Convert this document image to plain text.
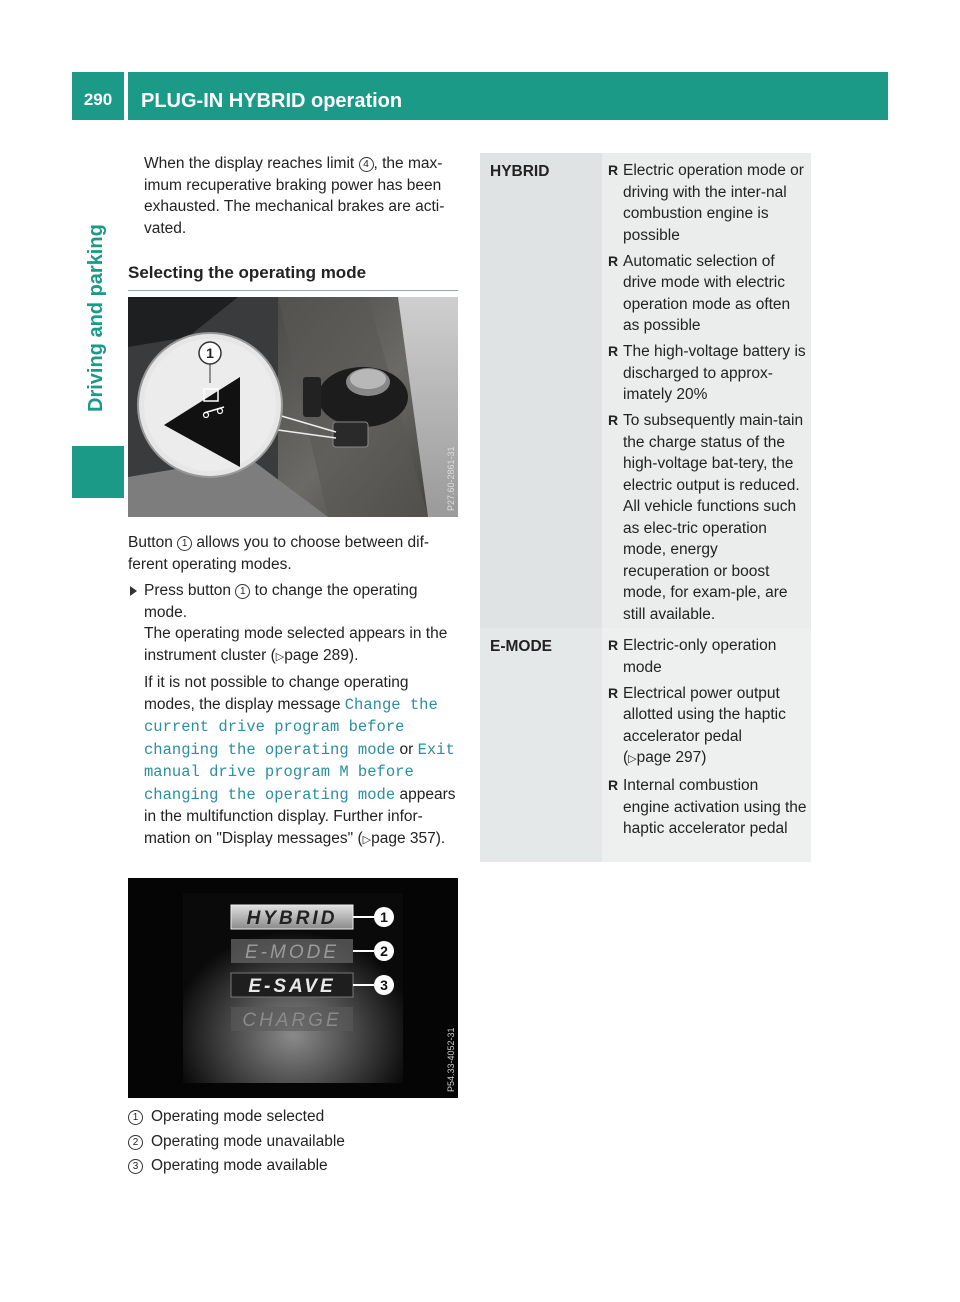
290	PLUG-IN HYBRID operation
Driving and parking

When the display reaches limit 4 , the max-imum recuperative braking power has been exhausted. The mechanical brakes are acti-vated.

Selecting the operating mode
1
P27.60-2861-31

Button 1 allows you to choose between dif-ferent operating modes.

Press button 1 to change the operating mode.
The operating mode selected appears in the instrument cluster (▷page 289).

If it is not possible to change operating modes, the display message Change the current drive program before changing the operating mode or Exit manual drive program M before changing the operating mode appears in the multifunction display. Further infor-mation on "Display messages" (▷page 357).

HYBRID
E-MODE
E-SAVE
CHARGE
1
2
3
P54.33-4052-31
1 Operating mode selected
2 Operating mode unavailable
3 Operating mode available
HYBRID	R Electric operation mode or driving with the inter-nal combustion engine is possible
R Automatic selection of drive mode with electric operation mode as often as possible
R The high-voltage battery is discharged to approx-imately 20%
R To subsequently main-tain the charge status of the high-voltage bat-tery, the electric output is reduced. All vehicle functions such as elec-tric operation mode, energy recuperation or boost mode, for exam-ple, are still available.
E-MODE	R Electric-only operation mode
R Electrical power output allotted using the haptic accelerator pedal
(▷page 297)
R Internal combustion engine activation using the haptic accelerator pedal
